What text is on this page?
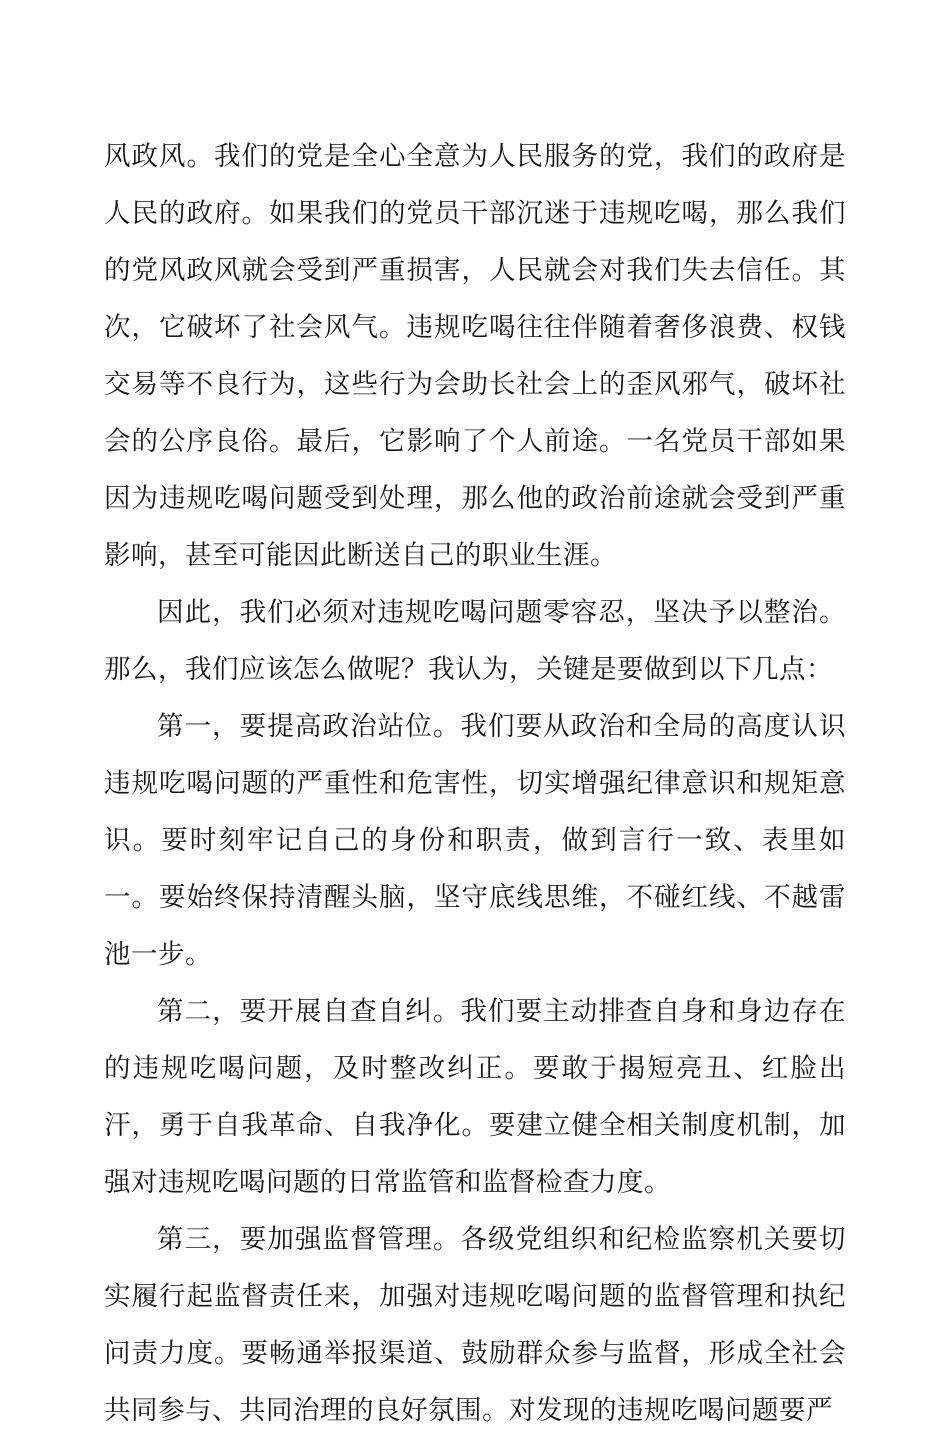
风政风。我们的党是全心全意为人民服务的党，我们的政府是人民的政府。如果我们的党员干部沉迷于违规吃喝，那么我们的党风政风就会受到严重损害，人民就会对我们失去信任。其次，它破坏了社会风气。违规吃喝往往伴随着奢侈浪费、权钱交易等不良行为，这些行为会助长社会上的歪风邪气，破坏社会的公序良俗。最后，它影响了个人前途。一名党员干部如果因为违规吃喝问题受到处理，那么他的政治前途就会受到严重影响，甚至可能因此断送自己的职业生涯。

因此，我们必须对违规吃喝问题零容忍，坚决予以整治。那么，我们应该怎么做呢？我认为，关键是要做到以下几点：

第一，要提高政治站位。我们要从政治和全局的高度认识违规吃喝问题的严重性和危害性，切实增强纪律意识和规矩意识。要时刻牢记自己的身份和职责，做到言行一致、表里如一。要始终保持清醒头脑，坚守底线思维，不碰红线、不越雷池一步。

第二，要开展自查自纠。我们要主动排查自身和身边存在的违规吃喝问题，及时整改纠正。要敢于揭短亮丑、红脸出汗，勇于自我革命、自我净化。要建立健全相关制度机制，加强对违规吃喝问题的日常监管和监督检查力度。

第三，要加强监督管理。各级党组织和纪检监察机关要切实履行起监督责任来，加强对违规吃喝问题的监督管理和执纪问责力度。要畅通举报渠道、鼓励群众参与监督，形成全社会共同参与、共同治理的良好氛围。对发现的违规吃喝问题要严
